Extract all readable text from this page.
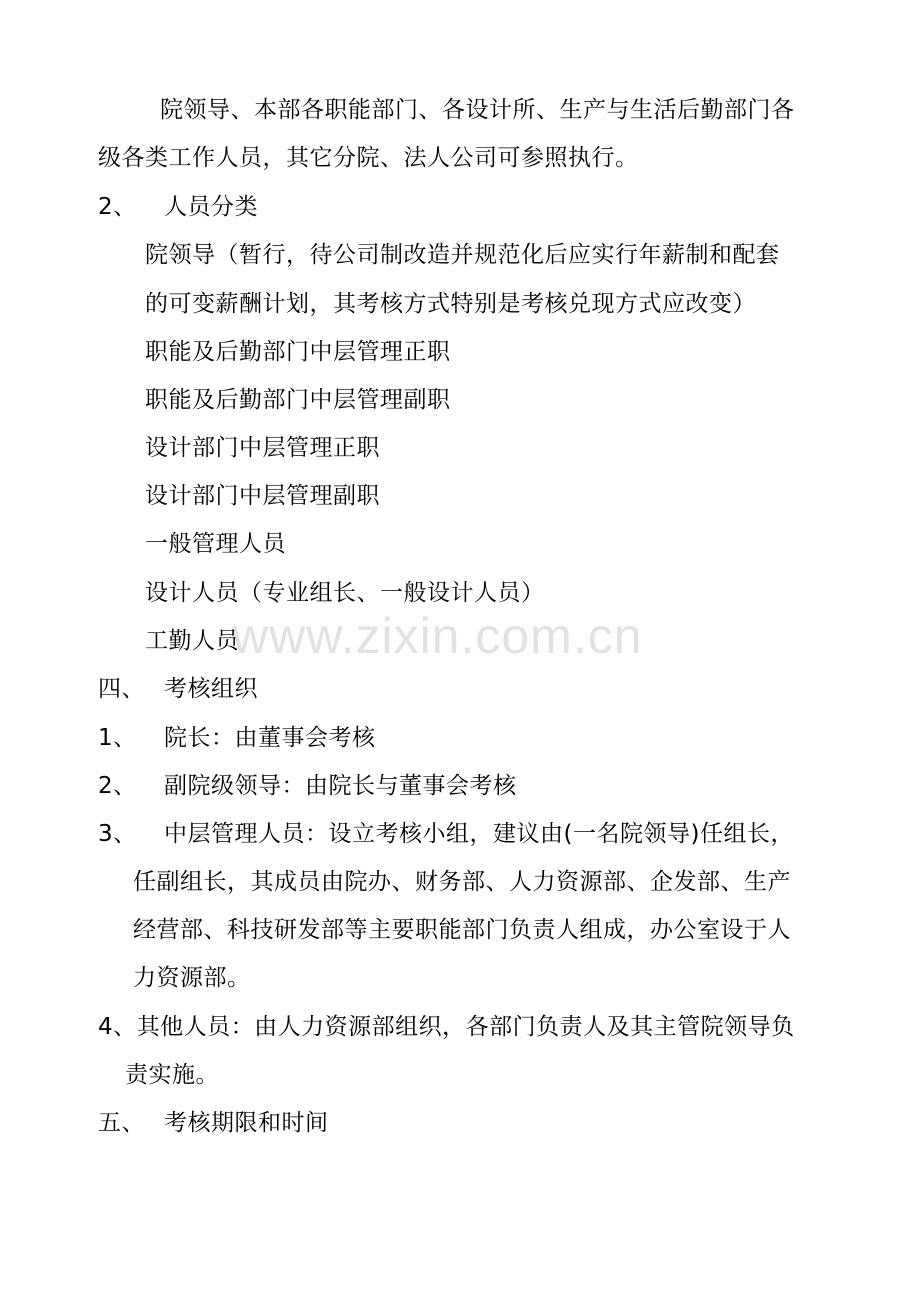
www.zixin.com.cn
院领导、本部各职能部门、各设计所、生产与生活后勤部门各
级各类工作人员，其它分院、法人公司可参照执行。
2、 人员分类
院领导（暂行，待公司制改造并规范化后应实行年薪制和配套
的可变薪酬计划，其考核方式特别是考核兑现方式应改变）
职能及后勤部门中层管理正职
职能及后勤部门中层管理副职
设计部门中层管理正职
设计部门中层管理副职
一般管理人员
设计人员（专业组长、一般设计人员）
工勤人员
四、 考核组织
1、 院长：由董事会考核
2、 副院级领导：由院长与董事会考核
3、 中层管理人员：设立考核小组，建议由(一名院领导)任组长，
任副组长，其成员由院办、财务部、人力资源部、企发部、生产
经营部、科技研发部等主要职能部门负责人组成，办公室设于人
力资源部。
4、其他人员：由人力资源部组织，各部门负责人及其主管院领导负
责实施。
五、 考核期限和时间
